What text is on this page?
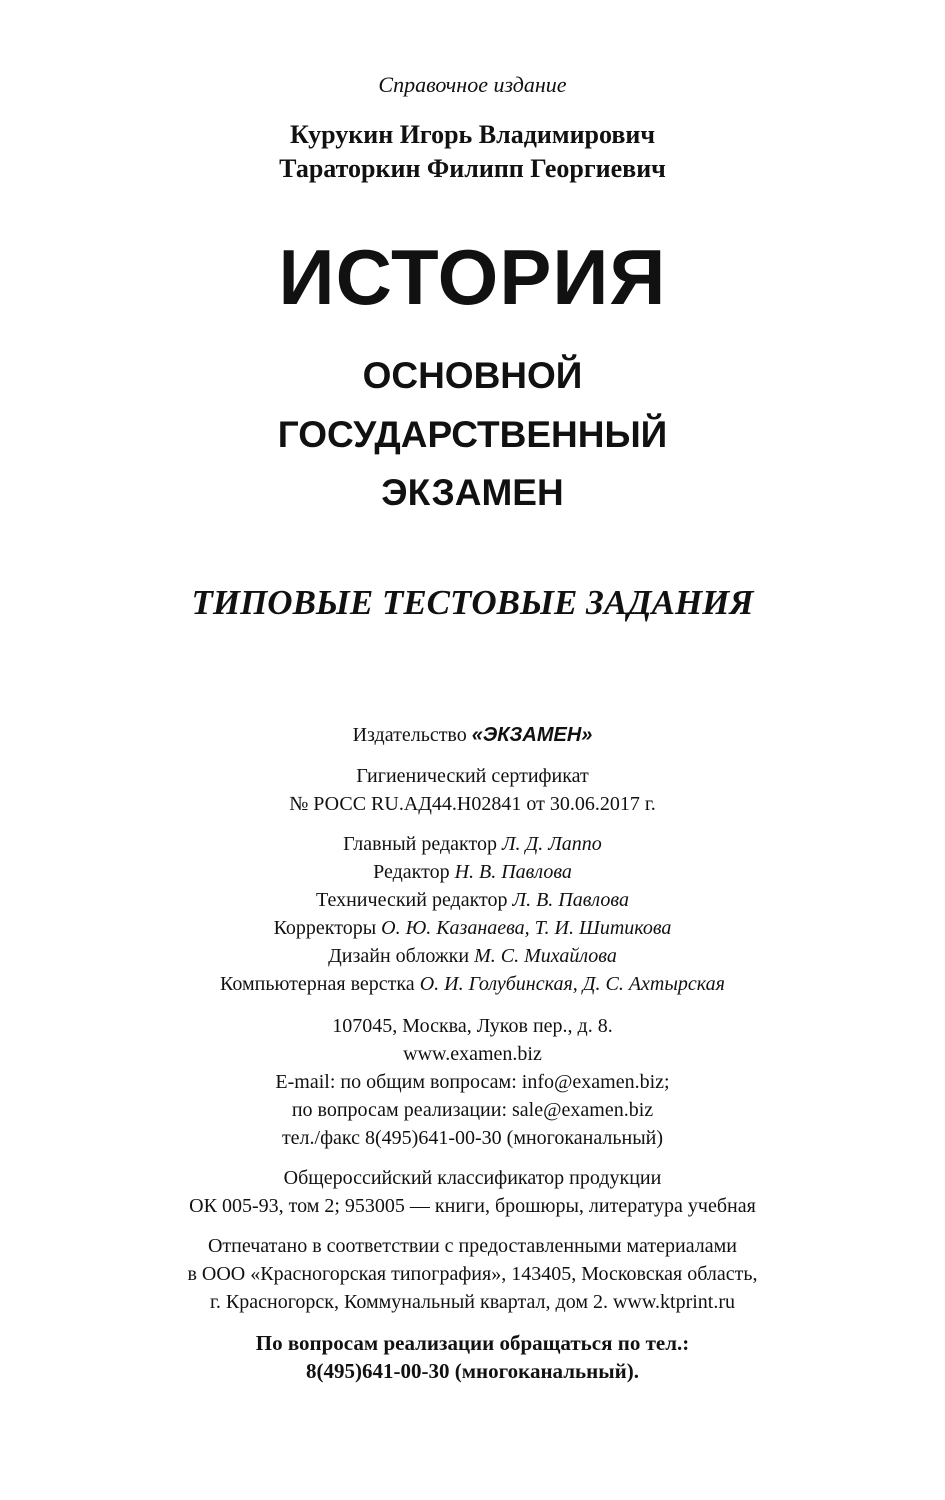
Справочное издание
Курукин Игорь Владимирович
Тараторкин Филипп Георгиевич
ИСТОРИЯ
ОСНОВНОЙ
ГОСУДАРСТВЕННЫЙ
ЭКЗАМЕН
ТИПОВЫЕ ТЕСТОВЫЕ ЗАДАНИЯ
Издательство «ЭКЗАМЕН»
Гигиенический сертификат
№ РОСС RU.АД44.Н02841 от 30.06.2017 г.
Главный редактор Л. Д. Лаппо
Редактор Н. В. Павлова
Технический редактор Л. В. Павлова
Корректоры О. Ю. Казанаева, Т. И. Шитикова
Дизайн обложки М. С. Михайлова
Компьютерная верстка О. И. Голубинская, Д. С. Ахтырская
107045, Москва, Луков пер., д. 8.
www.examen.biz
E-mail: по общим вопросам: info@examen.biz;
по вопросам реализации: sale@examen.biz
тел./факс 8(495)641-00-30 (многоканальный)
Общероссийский классификатор продукции
ОК 005-93, том 2; 953005 — книги, брошюры, литература учебная
Отпечатано в соответствии с предоставленными материалами
в ООО «Красногорская типография», 143405, Московская область,
г. Красногорск, Коммунальный квартал, дом 2. www.ktprint.ru
По вопросам реализации обращаться по тел.:
8(495)641-00-30 (многоканальный).
